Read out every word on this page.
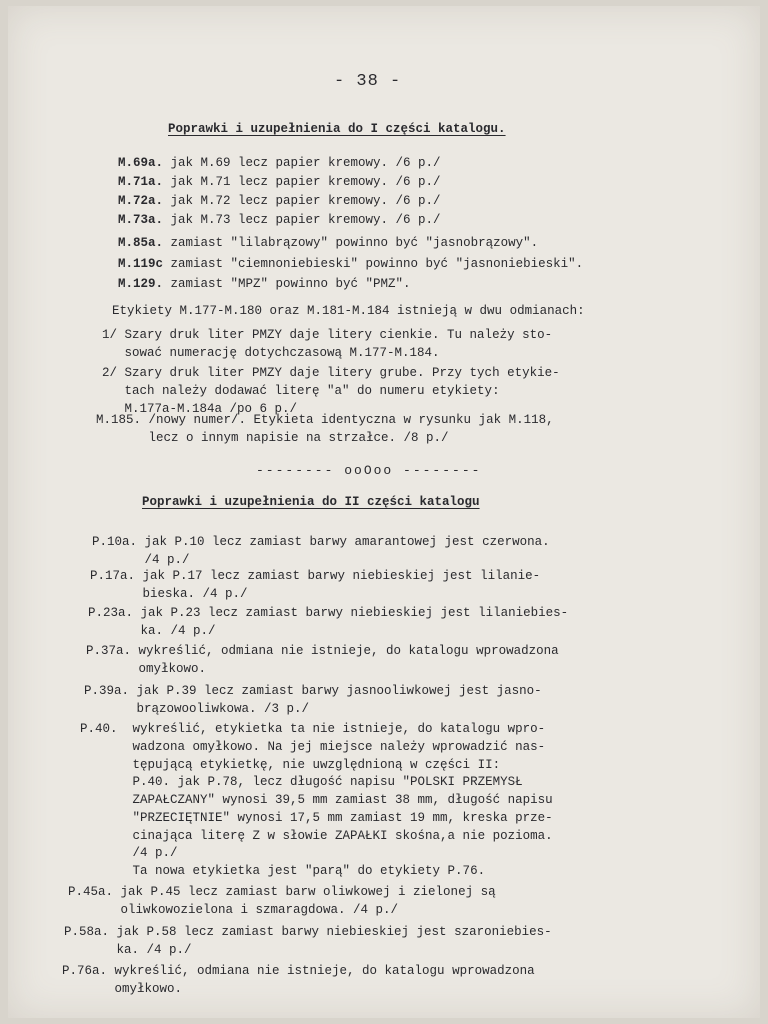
- 38 -
Poprawki i uzupełnienia do I części katalogu.
M.69a. jak M.69 lecz papier kremowy. /6 p./
M.71a. jak M.71 lecz papier kremowy. /6 p./
M.72a. jak M.72 lecz papier kremowy. /6 p./
M.73a. jak M.73 lecz papier kremowy. /6 p./
M.85a. zamiast "lilabrązowy" powinno być "jasnobrązowy".
M.119c zamiast "ciemnoniebieski" powinno być "jasnoniebieski".
M.129. zamiast "MPZ" powinno być "PMZ".
Etykiety M.177-M.180 oraz M.181-M.184 istnieją w dwu odmianach:
1/ Szary druk liter PMZY daje litery cienkie. Tu należy sto-
sować numerację dotychczasową M.177-M.184.
2/ Szary druk liter PMZY daje litery grube. Przy tych etykie-
tach należy dodawać literę "a" do numeru etykiety:
M.177a-M.184a /po 6 p./
M.185. /nowy numer/. Etykieta identyczna w rysunku jak M.118,
lecz o innym napisie na strzałce. /8 p./
-------- ooOoo --------
Poprawki i uzupełnienia do II części katalogu
P.10a. jak P.10 lecz zamiast barwy amarantowej jest czerwona.
/4 p./
P.17a. jak P.17 lecz zamiast barwy niebieskiej jest lilanie-
bieska. /4 p./
P.23a. jak P.23 lecz zamiast barwy niebieskiej jest lilaniebies-
ka. /4 p./
P.37a. wykreślić, odmiana nie istnieje, do katalogu wprowadzona
omyłkowo.
P.39a. jak P.39 lecz zamiast barwy jasnooliwkowej jest jasno-
brązowooliwkowa. /3 p./
P.40.  wykreślić, etykietka ta nie istnieje, do katalogu wpro-
wadzona omyłkowo. Na jej miejsce należy wprowadzić nas-
tępującą etykietkę, nie uwzględnioną w części II:
P.40. jak P.78, lecz długość napisu "POLSKI PRZEMYSŁ
ZAPAŁCZANY" wynosi 39,5 mm zamiast 38 mm, długość napisu
"PRZECIĘTNIE" wynosi 17,5 mm zamiast 19 mm, kreska prze-
cinająca literę Z w słowie ZAPAŁKI skośna,a nie pozioma.
/4 p./
Ta nowa etykietka jest "parą" do etykiety P.76.
P.45a. jak P.45 lecz zamiast barw oliwkowej i zielonej są
oliwkowozielona i szmaragdowa. /4 p./
P.58a. jak P.58 lecz zamiast barwy niebieskiej jest szaroniebies-
ka. /4 p./
P.76a. wykreślić, odmiana nie istnieje, do katalogu wprowadzona
omyłkowo.
